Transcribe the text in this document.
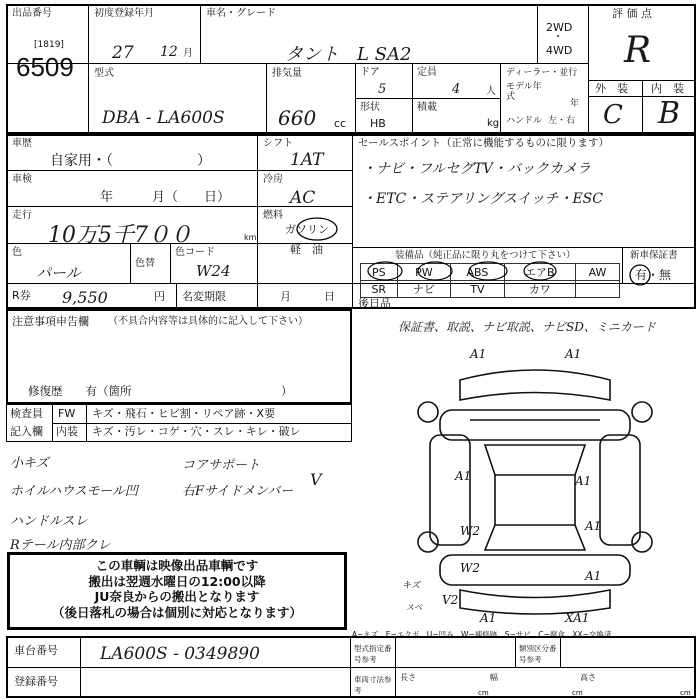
出品番号
[1819]
6509
初度登録年月
27 12 月
車名・グレード
タント　L SA2
2WD
・
4WD
評 価 点
R
型式
DBA - LA600S
排気量
660 cc
ドア
5
定員
4	人
形状
HB
積載
kg
ディーラー・並行
モデル年式
年
ハンドル 左・右
外　装 内　装
C B
車歴
自家用・（　　　　　　）
車検
年　　　月（　　日）
走行
10万5千7００	km
色
パール
色替
色コード
W24
R券 9,550	円 名変期限	月　　　日
シフト
1AT
冷房
AC
燃料
ガソリン
軽　油
セールスポイント（正常に機能するものに限ります）
・ナビ・フルセグTV・バックカメラ
・ETC・ステアリングスイッチ・ESC
装備品（純正品に限り丸をつけて下さい）	新車保証書
有・無
PS	PW	ABS	エアB	AW
SR	ナビ	TV	カワ	
注意事項申告欄 （不具合内容等は具体的に記入して下さい）
修復歴　　有（箇所　　　　　　　　　　　　　）
検査員
記入欄
FW キズ・飛石・ヒビ割・リペア跡・X要
内装 キズ・汚レ・コゲ・穴・スレ・キレ・破レ
小キズ
ホイルハウスモール凹
ハンドルスレ
Rテール内部クレ
コアサポート
右Fサイドメンバー
V
この車輌は映像出品車輌です
搬出は翌週水曜日の12:00以降
JU奈良からの搬出となります
（後日落札の場合は個別に対応となります）
後日品
保証書、取説、ナビ取説、ナビSD、ミニカード
A1	A1
A1	A1
A1
W2
W2
A1
A1
XA1
V2
キズ
スベ
A−キズ　E−エクボ　U−凹み　W−補修跡　S−サビ　C−腐食　XX−交換済
車台番号 LA600S - 0349890
登録番号
型式指定番号参考
類別区分番号参考
車両寸法参考
長さ	幅	高さ
cm	cm	cm
